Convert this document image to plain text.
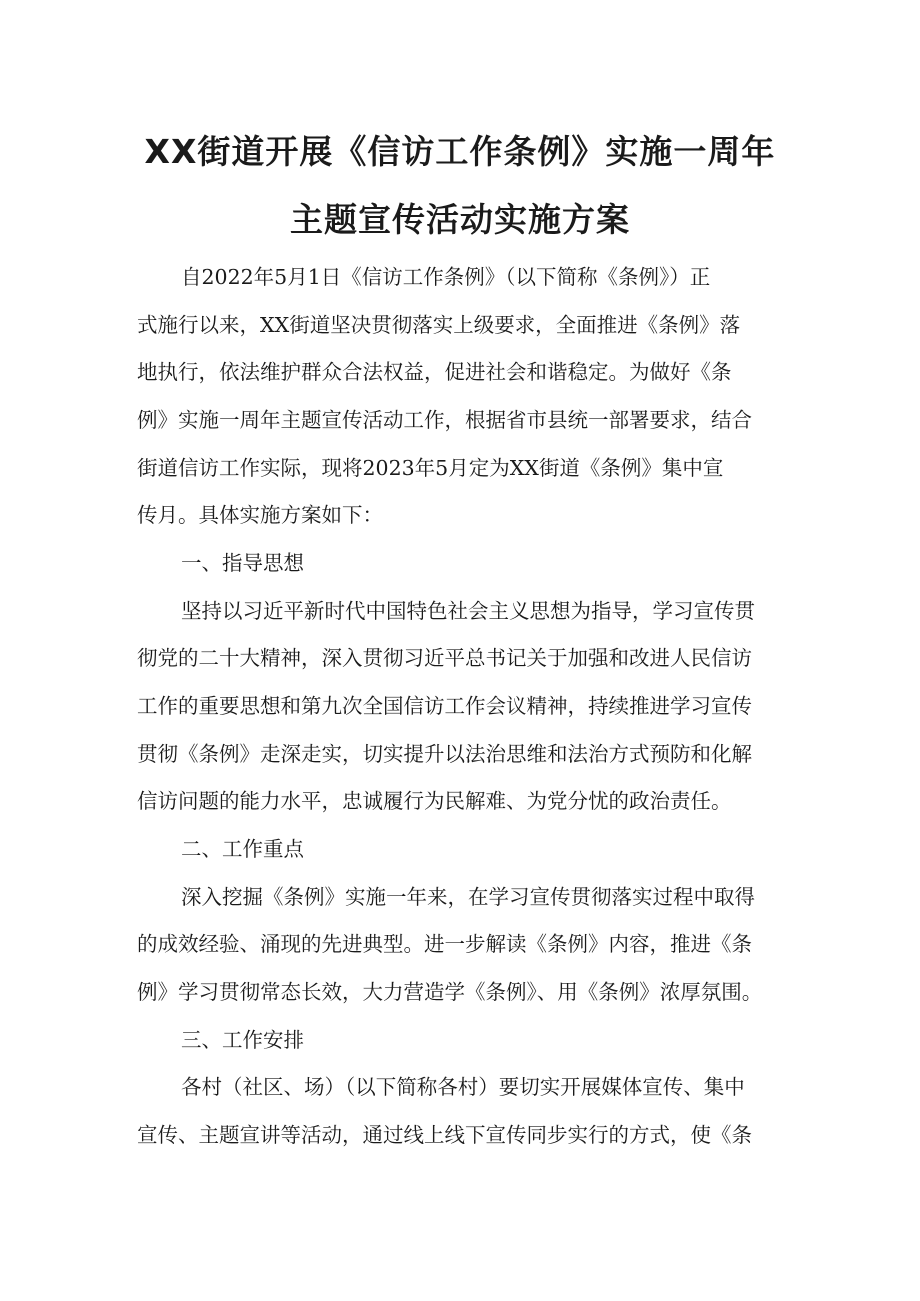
XX街道开展《信访工作条例》实施一周年
主题宣传活动实施方案

自2022年5月1日《信访工作条例》（以下简称《条例》）正

式施行以来，XX街道坚决贯彻落实上级要求，全面推进《条例》落

地执行，依法维护群众合法权益，促进社会和谐稳定。为做好《条

例》实施一周年主题宣传活动工作，根据省市县统一部署要求，结合

街道信访工作实际，现将2023年5月定为XX街道《条例》集中宣

传月。具体实施方案如下：

一、指导思想

坚持以习近平新时代中国特色社会主义思想为指导，学习宣传贯

彻党的二十大精神，深入贯彻习近平总书记关于加强和改进人民信访

工作的重要思想和第九次全国信访工作会议精神，持续推进学习宣传

贯彻《条例》走深走实，切实提升以法治思维和法治方式预防和化解

信访问题的能力水平，忠诚履行为民解难、为党分忧的政治责任。

二、工作重点

深入挖掘《条例》实施一年来，在学习宣传贯彻落实过程中取得

的成效经验、涌现的先进典型。进一步解读《条例》内容，推进《条

例》学习贯彻常态长效，大力营造学《条例》、用《条例》浓厚氛围。

三、工作安排

各村（社区、场）（以下简称各村）要切实开展媒体宣传、集中

宣传、主题宣讲等活动，通过线上线下宣传同步实行的方式，使《条
